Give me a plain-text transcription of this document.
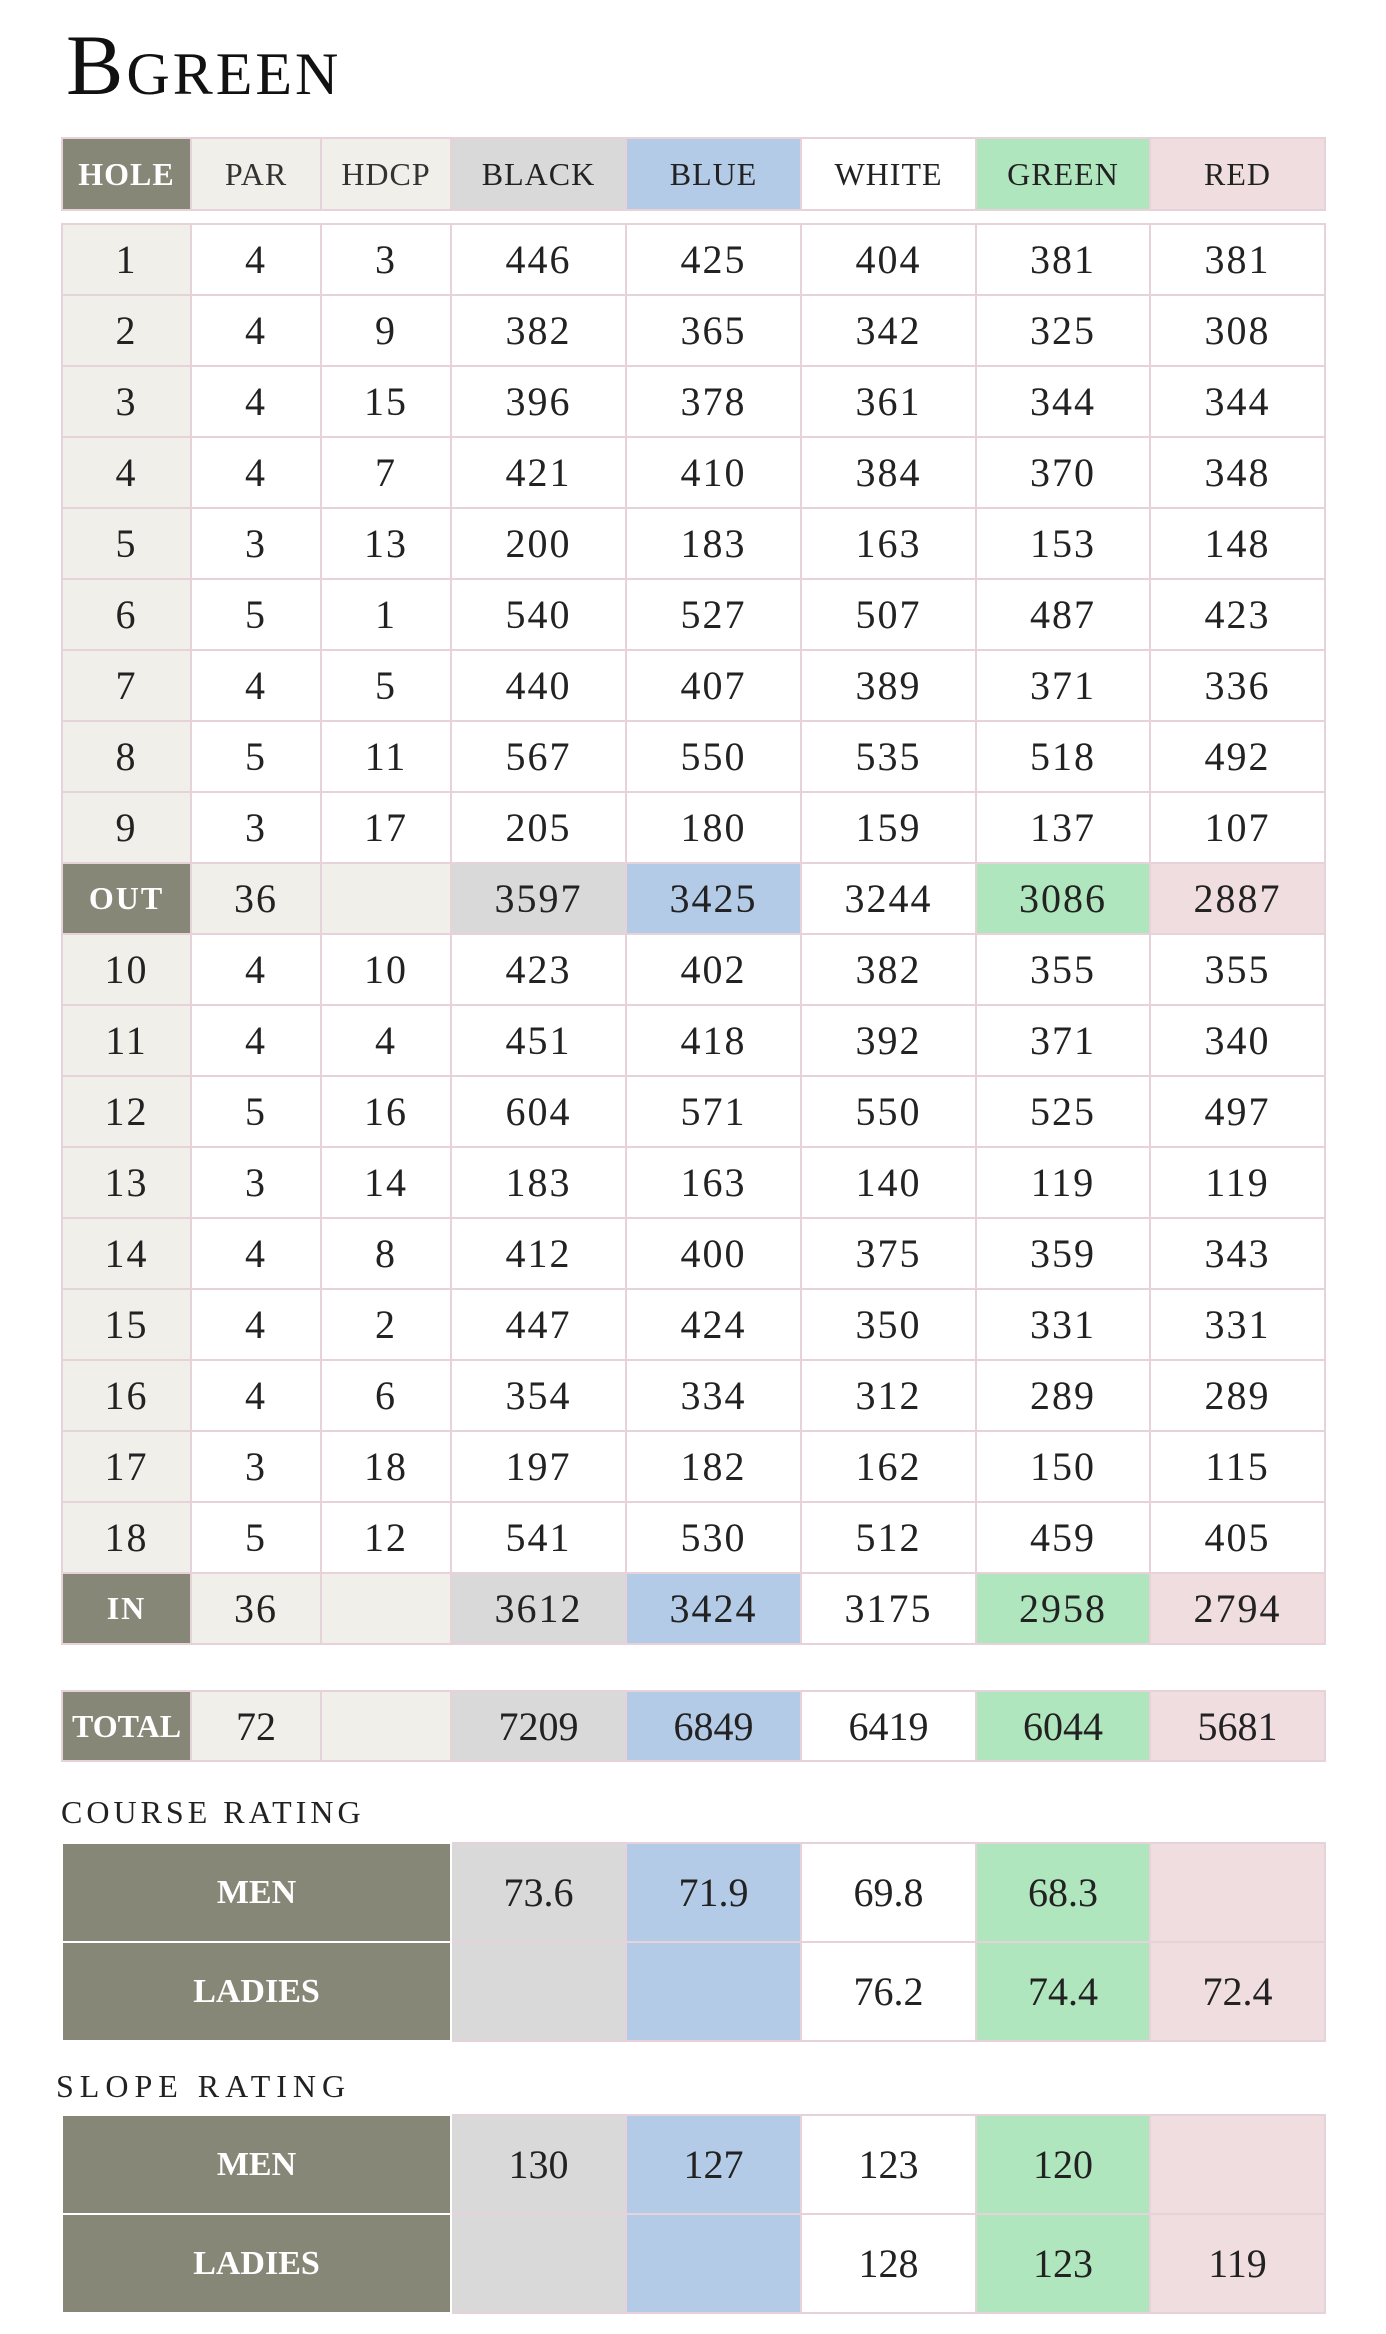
Bgreen
HOLE	PAR	HDCP	BLACK	BLUE	WHITE	GREEN	RED
1	4	3	446	425	404	381	381
2	4	9	382	365	342	325	308
3	4	15	396	378	361	344	344
4	4	7	421	410	384	370	348
5	3	13	200	183	163	153	148
6	5	1	540	527	507	487	423
7	4	5	440	407	389	371	336
8	5	11	567	550	535	518	492
9	3	17	205	180	159	137	107
OUT	36		3597	3425	3244	3086	2887
10	4	10	423	402	382	355	355
11	4	4	451	418	392	371	340
12	5	16	604	571	550	525	497
13	3	14	183	163	140	119	119
14	4	8	412	400	375	359	343
15	4	2	447	424	350	331	331
16	4	6	354	334	312	289	289
17	3	18	197	182	162	150	115
18	5	12	541	530	512	459	405
IN	36		3612	3424	3175	2958	2794
TOTAL	72		7209	6849	6419	6044	5681
COURSE RATING
MEN	73.6	71.9	69.8	68.3	
LADIES			76.2	74.4	72.4
SLOPE RATING
MEN	130	127	123	120	
LADIES			128	123	119
